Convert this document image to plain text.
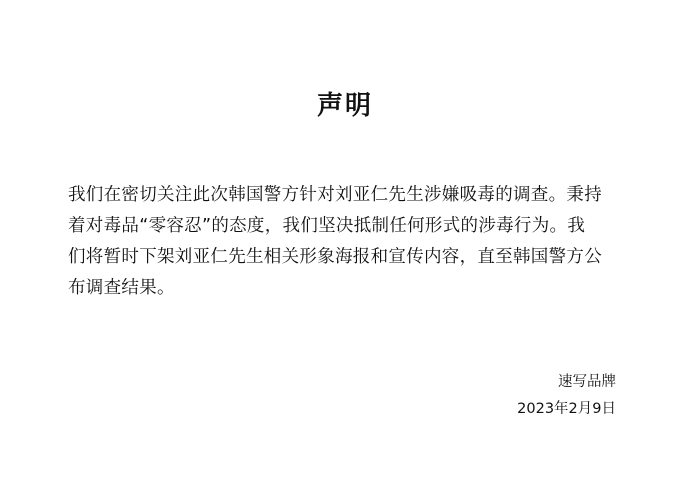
声明
我们在密切关注此次韩国警方针对刘亚仁先生涉嫌吸毒的调查。秉持
着对毒品“零容忍”的态度，我们坚决抵制任何形式的涉毒行为。我
们将暂时下架刘亚仁先生相关形象海报和宣传内容，直至韩国警方公
布调查结果。
速写品牌
2023年2月9日
